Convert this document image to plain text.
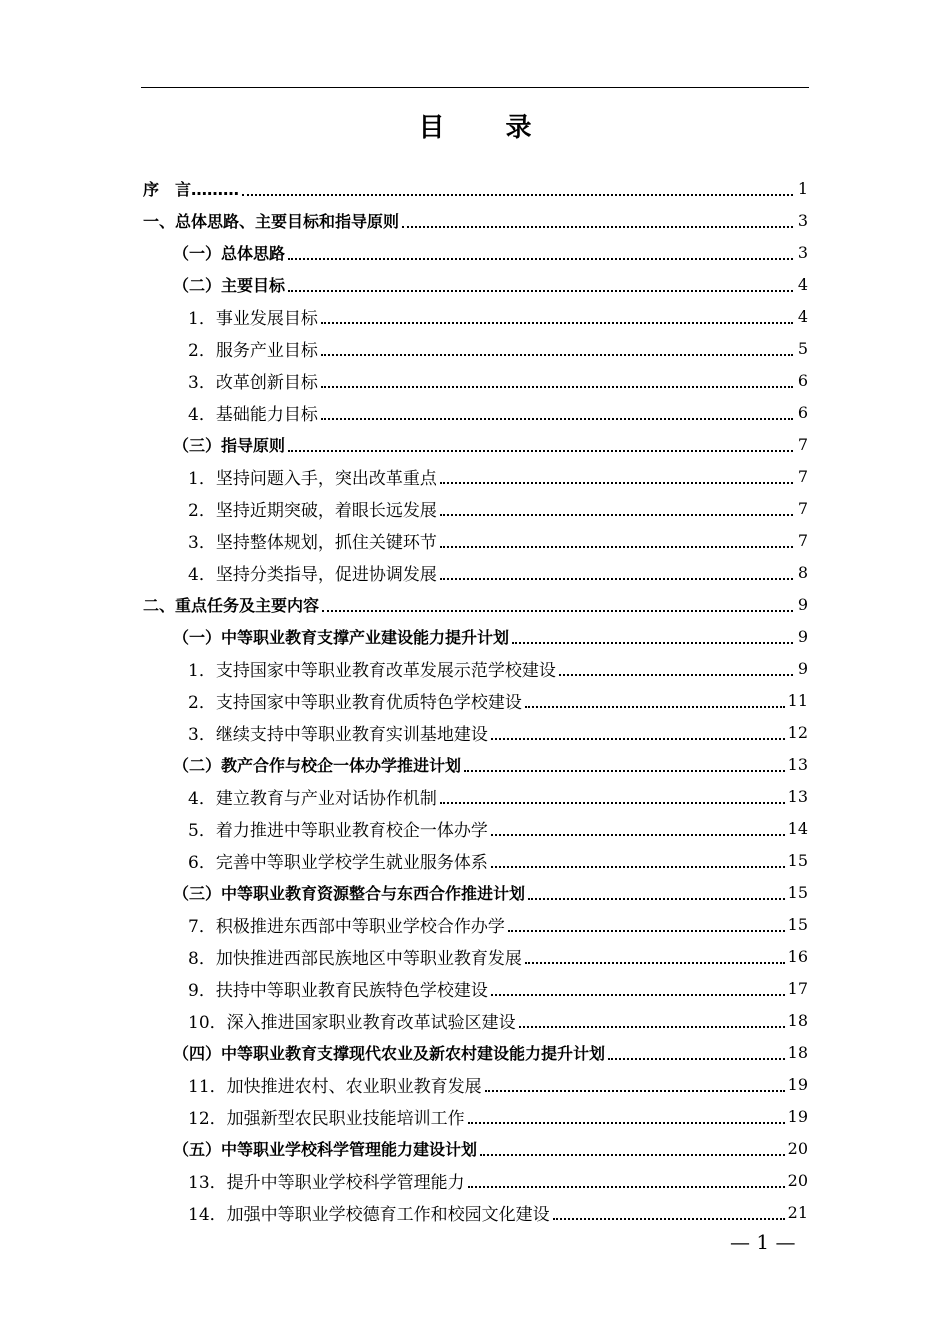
目 录
序　言………	1
一、总体思路、主要目标和指导原则	3
（一）总体思路	3
（二）主要目标	4
1．事业发展目标	4
2．服务产业目标	5
3．改革创新目标	6
4．基础能力目标	6
（三）指导原则	7
1．坚持问题入手，突出改革重点	7
2．坚持近期突破，着眼长远发展	7
3．坚持整体规划，抓住关键环节	7
4．坚持分类指导，促进协调发展	8
二、重点任务及主要内容	9
（一）中等职业教育支撑产业建设能力提升计划	9
1．支持国家中等职业教育改革发展示范学校建设	9
2．支持国家中等职业教育优质特色学校建设	11
3．继续支持中等职业教育实训基地建设	12
（二）教产合作与校企一体办学推进计划	13
4．建立教育与产业对话协作机制	13
5．着力推进中等职业教育校企一体办学	14
6．完善中等职业学校学生就业服务体系	15
（三）中等职业教育资源整合与东西合作推进计划	15
7．积极推进东西部中等职业学校合作办学	15
8．加快推进西部民族地区中等职业教育发展	16
9．扶持中等职业教育民族特色学校建设	17
10．深入推进国家职业教育改革试验区建设	18
（四）中等职业教育支撑现代农业及新农村建设能力提升计划	18
11．加快推进农村、农业职业教育发展	19
12．加强新型农民职业技能培训工作	19
（五）中等职业学校科学管理能力建设计划	20
13．提升中等职业学校科学管理能力	20
14．加强中等职业学校德育工作和校园文化建设	21
— 1 —
